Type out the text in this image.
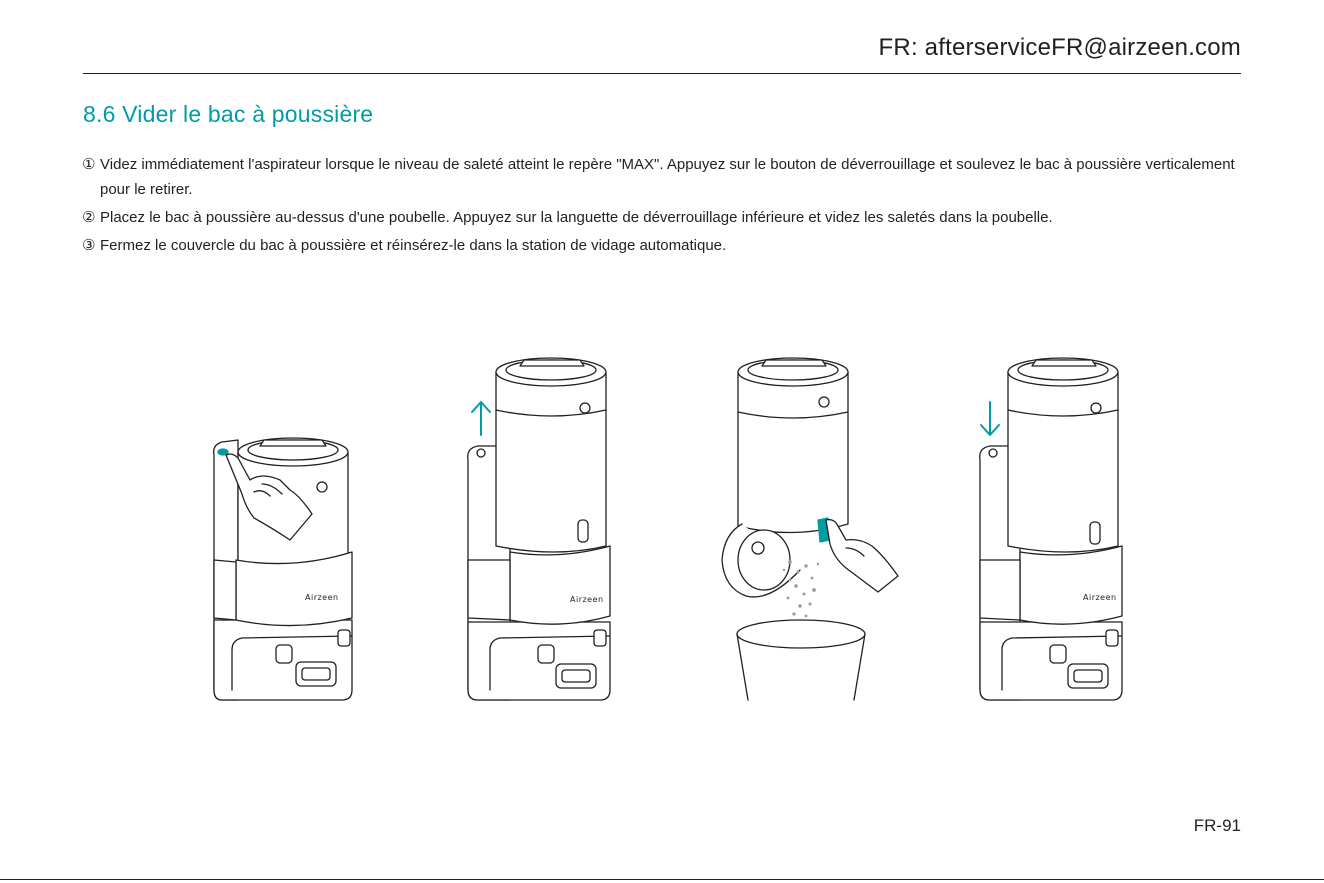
FR: afterserviceFR@airzeen.com
8.6 Vider le bac à poussière
① Videz immédiatement l'aspirateur lorsque le niveau de saleté atteint le repère "MAX". Appuyez sur le bouton de déverrouillage et soulevez le bac à poussière verticalement pour le retirer.
② Placez le bac à poussière au-dessus d'une poubelle. Appuyez sur la languette de déverrouillage inférieure et videz les saletés dans la poubelle.
③ Fermez le couvercle du bac à poussière et réinsérez-le dans la station de vidage automatique.
Airzeen	Airzeen	Airzeen
FR-91
